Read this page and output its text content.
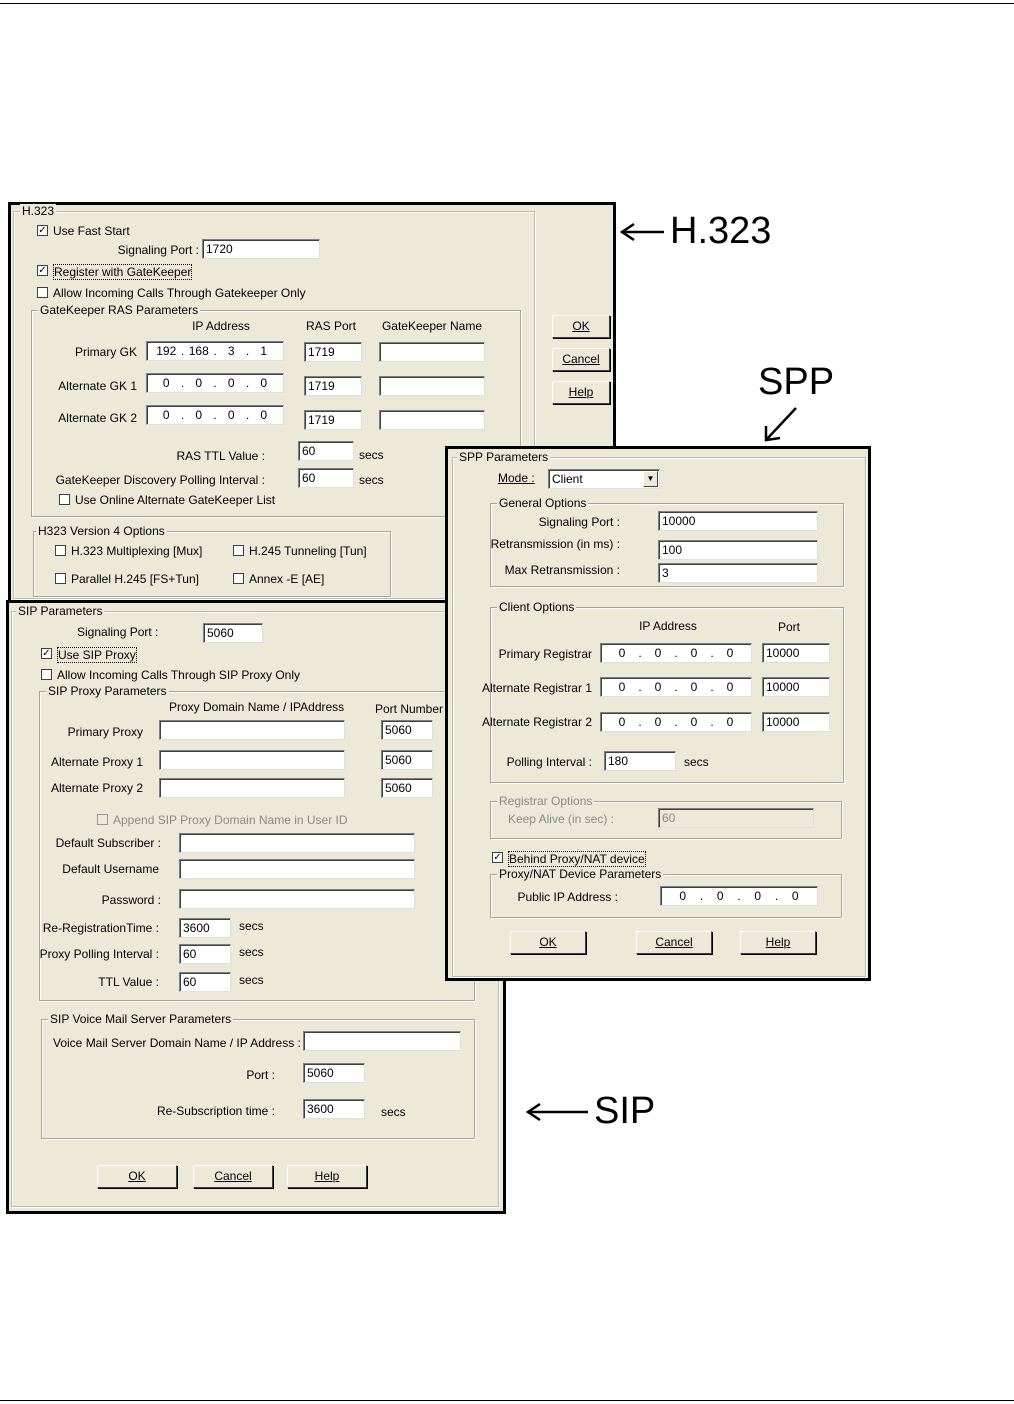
H.323
✓ Use Fast Start
Signaling Port : 1720
✓ Register with GateKeeper
Allow Incoming Calls Through Gatekeeper Only
GateKeeper RAS Parameters
IP Address	RAS Port	GateKeeper Name
Primary GK 192 . 168 . 3 . 1	1719
Alternate GK 1	0 . 0 . 0 . 0	1719
Alternate GK 2	0 . 0 . 0 . 0	1719
RAS TTL Value :	60	secs
GateKeeper Discovery Polling Interval :	60	secs
Use Online Alternate GateKeeper List
H323 Version 4 Options
H.323 Multiplexing [Mux]	H.245 Tunneling [Tun]
Parallel H.245 [FS+Tun]	Annex -E [AE]
OK
Cancel
Help
SIP Parameters
Signaling Port :	5060
✓ Use SIP Proxy
Allow Incoming Calls Through SIP Proxy Only
SIP Proxy Parameters
Proxy Domain Name / IPAddress	Port Number
Primary Proxy	5060
Alternate Proxy 1	5060
Alternate Proxy 2	5060
Append SIP Proxy Domain Name in User ID
Default Subscriber :
Default Username
Password :
Re-RegistrationTime :	3600	secs
Proxy Polling Interval :	60	secs
TTL Value :	60	secs
SIP Voice Mail Server Parameters
Voice Mail Server Domain Name / IP Address :
Port :	5060
Re-Subscription time :	3600	secs
OK	Cancel	Help
SPP Parameters
Mode :	Client	▼
General Options
Signaling Port :	10000
Retransmission (in ms) :	100
Max Retransmission :	3
Client Options
IP Address	Port
Primary Registrar	0	.	0	.	0	.	0	10000
Alternate Registrar 1	0	.	0	.	0	.	0	10000
Alternate Registrar 2	0	.	0	.	0	.	0	10000
Polling Interval :	180	secs
Registrar Options
Keep Alive (in sec) :	60
✓ Behind Proxy/NAT device
Proxy/NAT Device Parameters
Public IP Address :	0	.	0	.	0	.	0
OK	Cancel	Help
H.323
SPP
SIP
